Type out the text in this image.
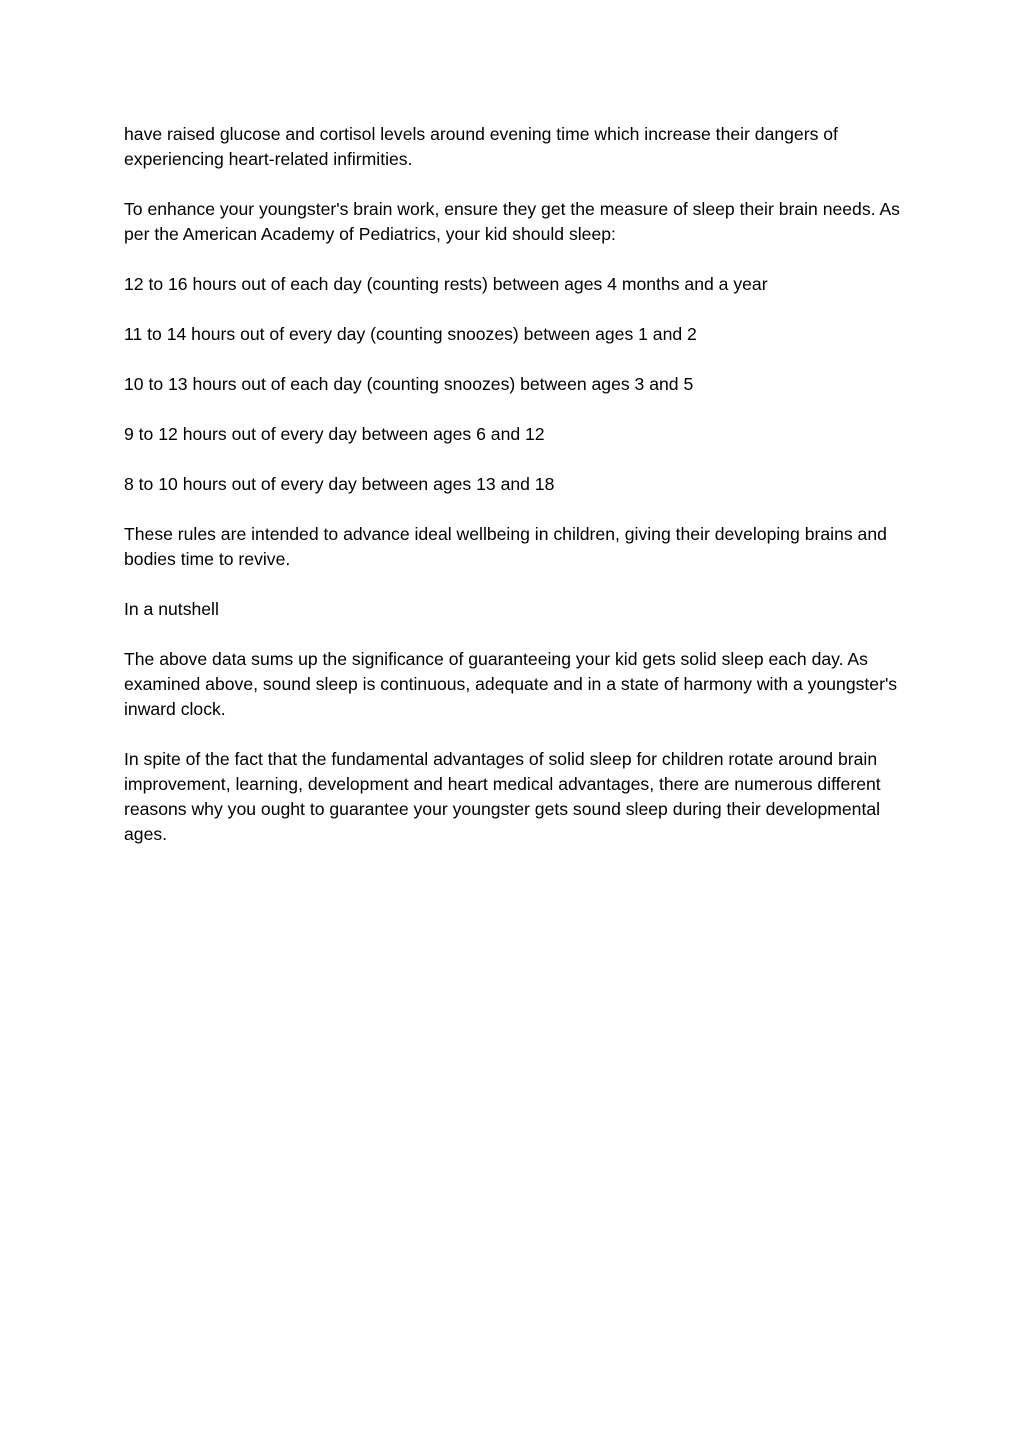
have raised glucose and cortisol levels around evening time which increase their dangers of experiencing heart-related infirmities.

To enhance your youngster's brain work, ensure they get the measure of sleep their brain needs. As per the American Academy of Pediatrics, your kid should sleep:

12 to 16 hours out of each day (counting rests) between ages 4 months and a year

11 to 14 hours out of every day (counting snoozes) between ages 1 and 2

10 to 13 hours out of each day (counting snoozes) between ages 3 and 5

9 to 12 hours out of every day between ages 6 and 12

8 to 10 hours out of every day between ages 13 and 18

These rules are intended to advance ideal wellbeing in children, giving their developing brains and bodies time to revive.

In a nutshell

The above data sums up the significance of guaranteeing your kid gets solid sleep each day. As examined above, sound sleep is continuous, adequate and in a state of harmony with a youngster's inward clock.

In spite of the fact that the fundamental advantages of solid sleep for children rotate around brain improvement, learning, development and heart medical advantages, there are numerous different reasons why you ought to guarantee your youngster gets sound sleep during their developmental ages.
